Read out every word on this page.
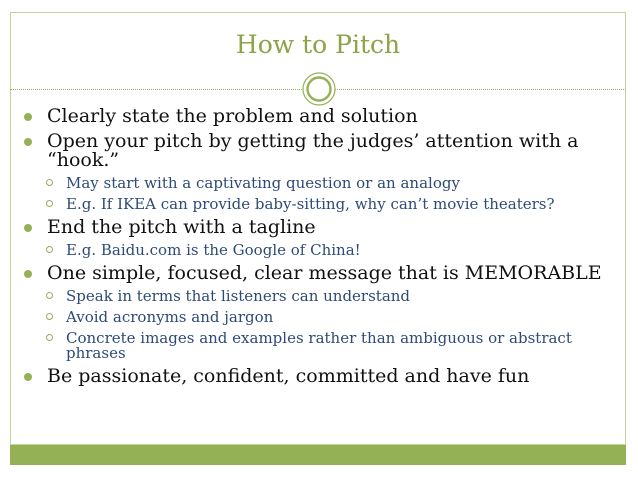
How to Pitch
Clearly state the problem and solution
Open your pitch by getting the judges’ attention with a “hook.”
May start with a captivating question or an analogy
E.g. If IKEA can provide baby-sitting, why can’t movie theaters?
End the pitch with a tagline
E.g. Baidu.com is the Google of China!
One simple, focused, clear message that is MEMORABLE
Speak in terms that listeners can understand
Avoid acronyms and jargon
Concrete images and examples rather than ambiguous or abstract phrases
Be passionate, confident, committed and have fun
